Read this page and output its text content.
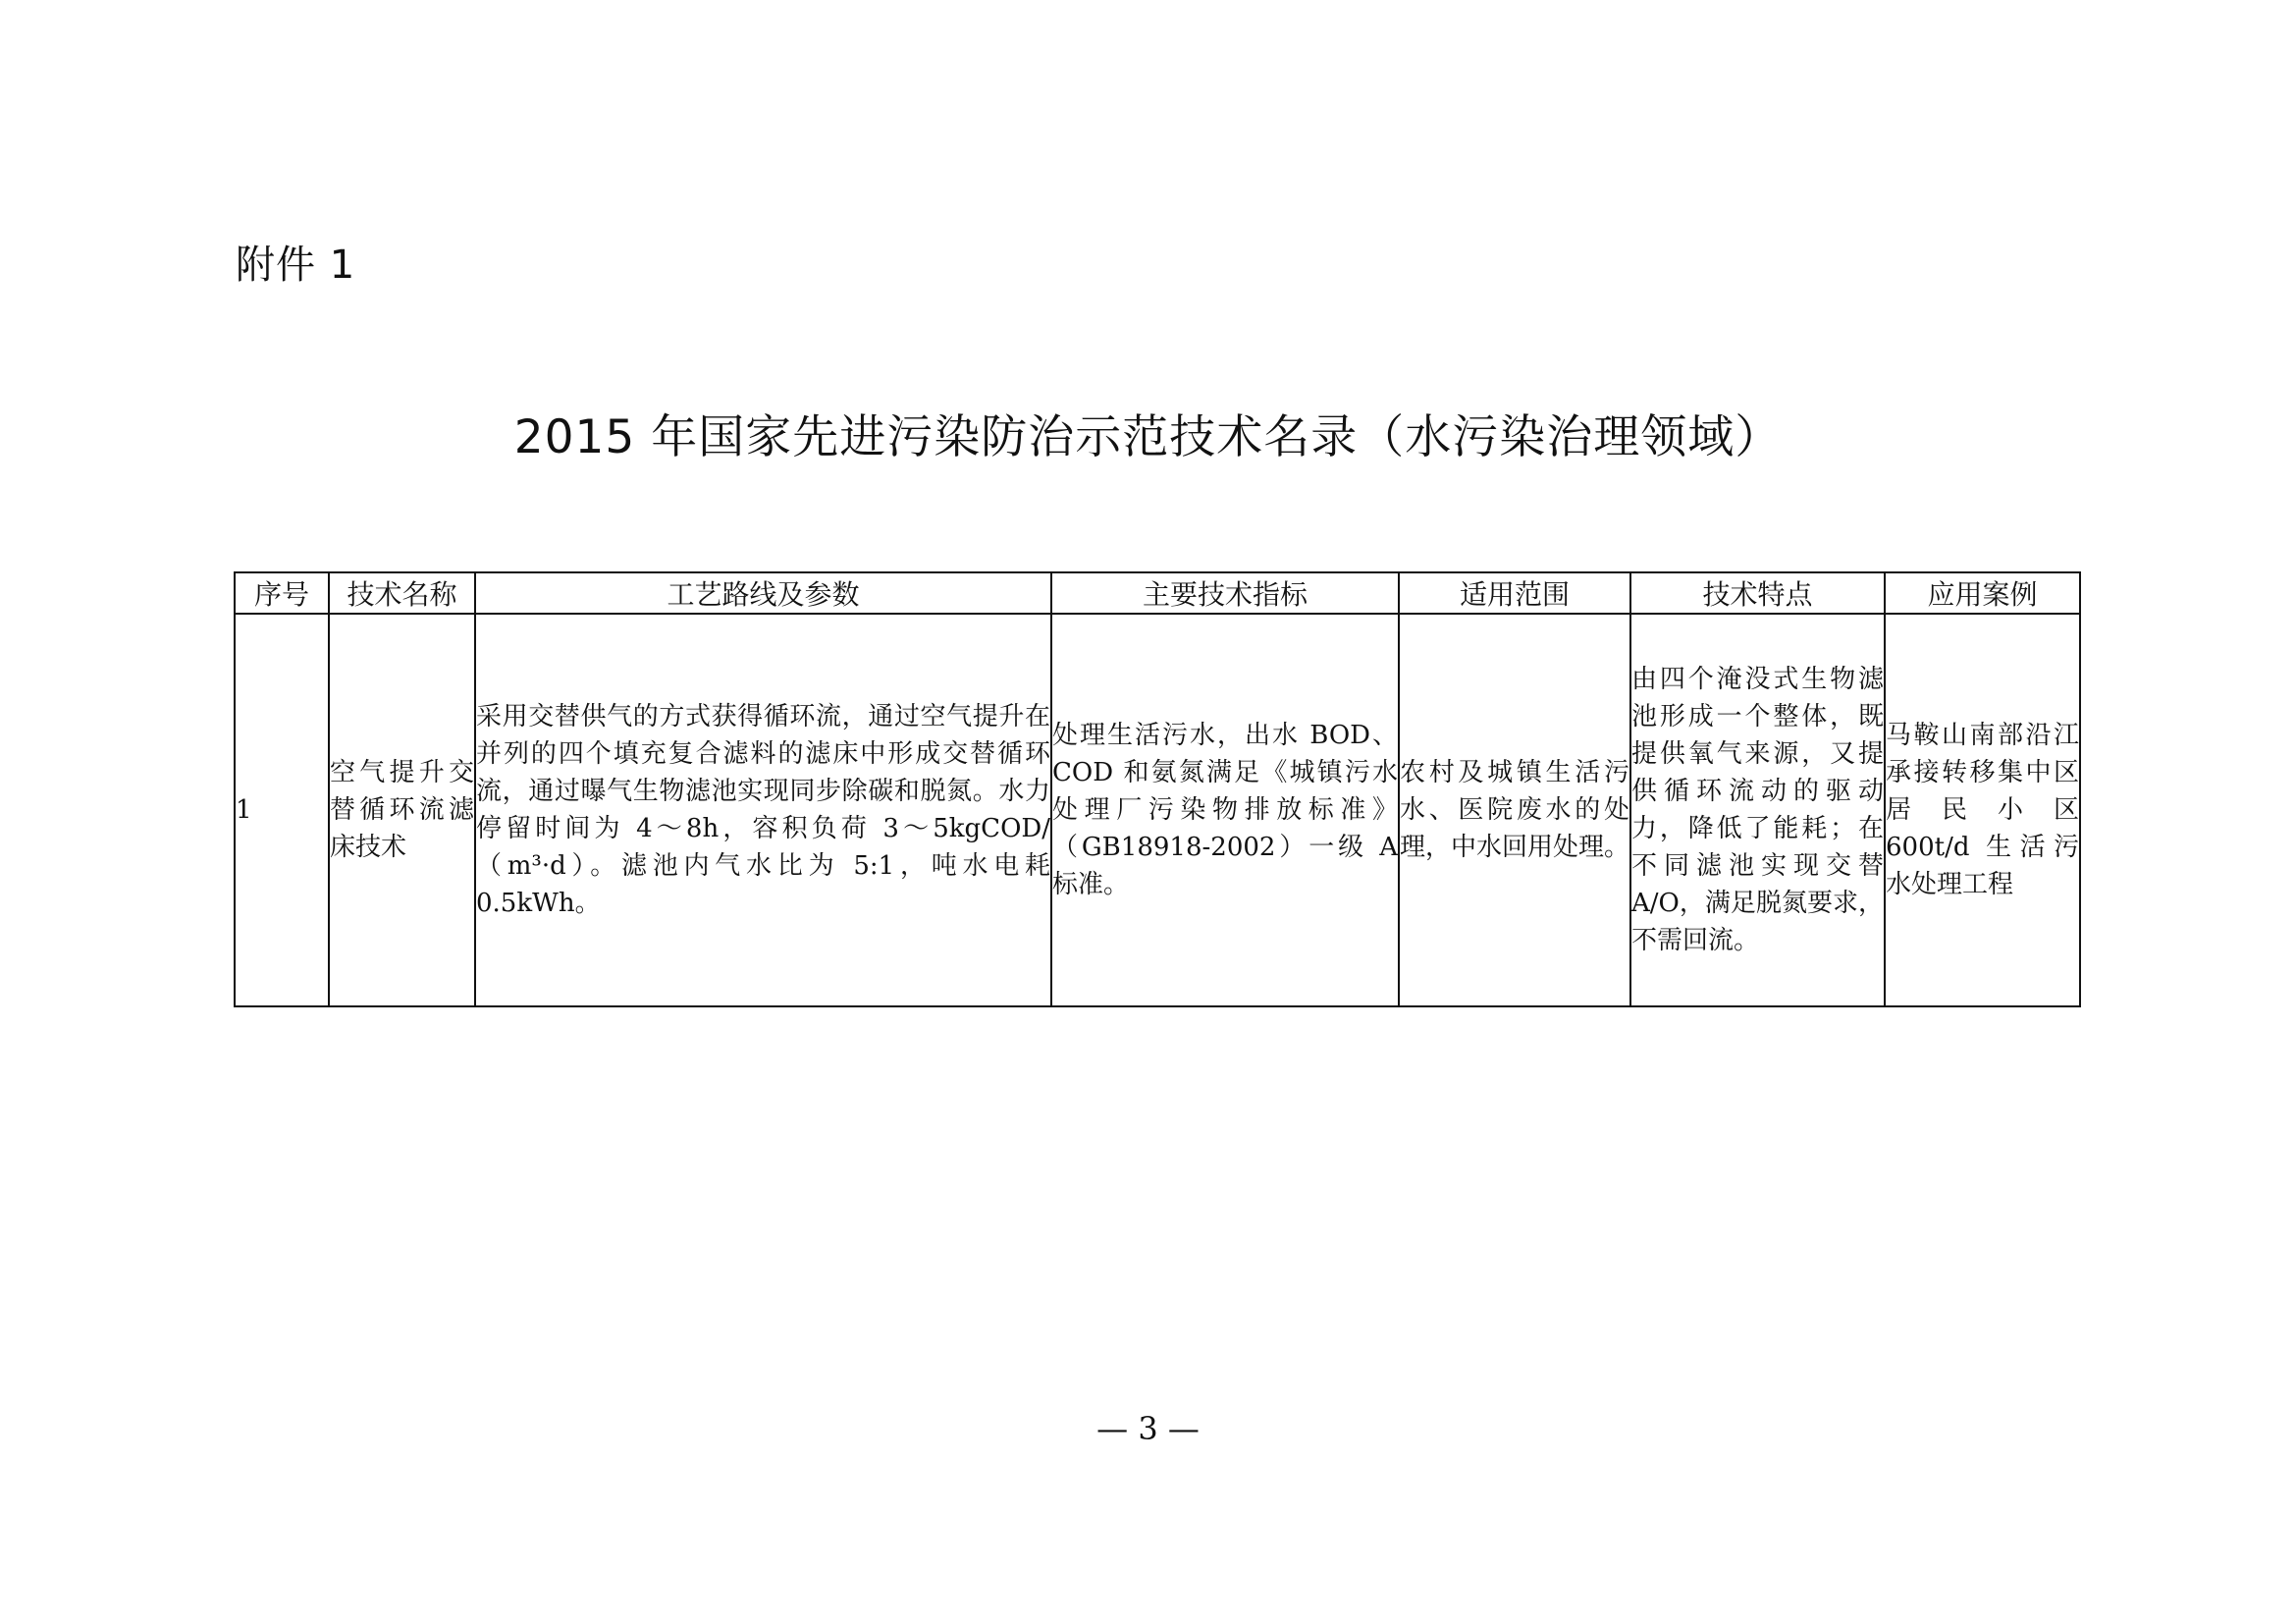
附件 1
2015 年国家先进污染防治示范技术名录（水污染治理领域）
序号	技术名称	工艺路线及参数	主要技术指标	适用范围	技术特点	应用案例
1	空气提升交替循环流滤床技术	采用交替供气的方式获得循环流，通过空气提升在并列的四个填充复合滤料的滤床中形成交替循环流，通过曝气生物滤池实现同步除碳和脱氮。水力停留时间为 4～8h，容积负荷 3～5kgCOD/（m³·d）。滤池内气水比为 5:1，吨水电耗 0.5kWh。	处理生活污水，出水 BOD、COD 和氨氮满足《城镇污水处理厂污染物排放标准》（GB18918-2002）一级 A 标准。	农村及城镇生活污水、医院废水的处理，中水回用处理。	由四个淹没式生物滤池形成一个整体，既提供氧气来源，又提供循环流动的驱动力，降低了能耗；在不同滤池实现交替 A/O，满足脱氮要求，不需回流。	马鞍山南部沿江承接转移集中区居民小区 600t/d 生活污水处理工程
— 3 —
